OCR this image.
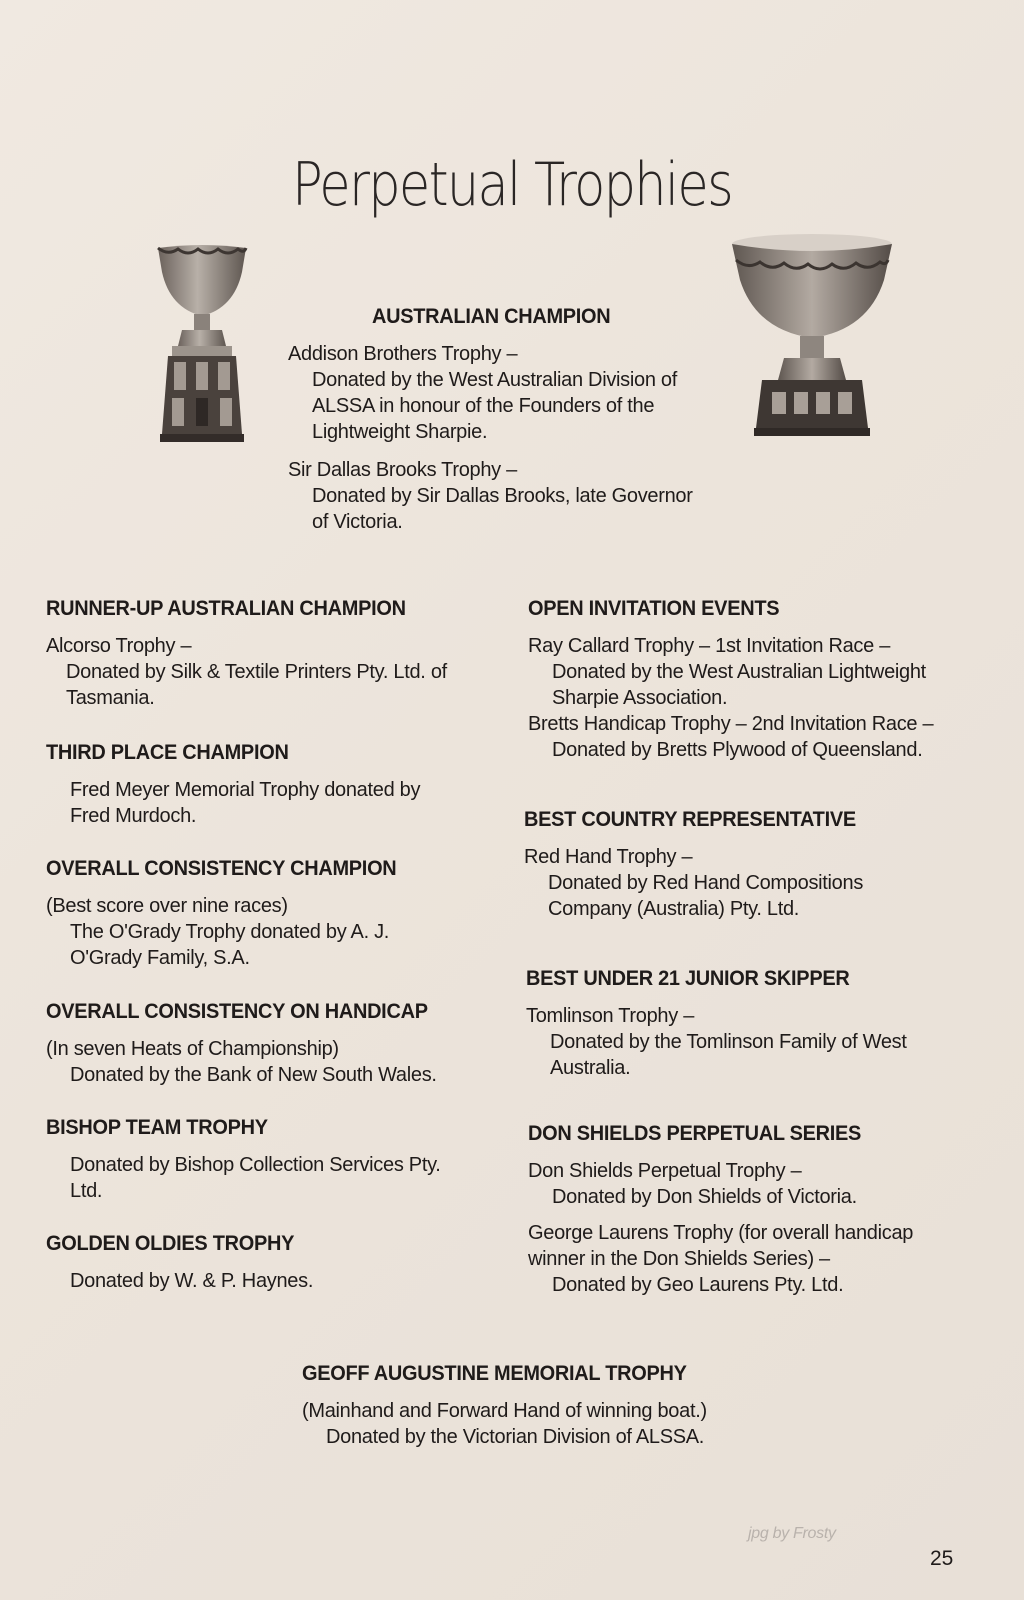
Perpetual Trophies
AUSTRALIAN CHAMPION
Addison Brothers Trophy –
Donated by the West Australian Division of
ALSSA in honour of the Founders of the
Lightweight Sharpie.
Sir Dallas Brooks Trophy –
Donated by Sir Dallas Brooks, late Governor
of Victoria.
RUNNER-UP AUSTRALIAN CHAMPION
Alcorso Trophy –
Donated by Silk & Textile Printers Pty. Ltd. of
Tasmania.
THIRD PLACE CHAMPION
Fred Meyer Memorial Trophy donated by
Fred Murdoch.
OVERALL CONSISTENCY CHAMPION
(Best score over nine races)
The O'Grady Trophy donated by A. J.
O'Grady Family, S.A.
OVERALL CONSISTENCY ON HANDICAP
(In seven Heats of Championship)
Donated by the Bank of New South Wales.
BISHOP TEAM TROPHY
Donated by Bishop Collection Services Pty.
Ltd.
GOLDEN OLDIES TROPHY
Donated by W. & P. Haynes.
OPEN INVITATION EVENTS
Ray Callard Trophy – 1st Invitation Race –
Donated by the West Australian Lightweight
Sharpie Association.
Bretts Handicap Trophy – 2nd Invitation Race –
Donated by Bretts Plywood of Queensland.
BEST COUNTRY REPRESENTATIVE
Red Hand Trophy –
Donated by Red Hand Compositions
Company (Australia) Pty. Ltd.
BEST UNDER 21 JUNIOR SKIPPER
Tomlinson Trophy –
Donated by the Tomlinson Family of West
Australia.
DON SHIELDS PERPETUAL SERIES
Don Shields Perpetual Trophy –
Donated by Don Shields of Victoria.
George Laurens Trophy (for overall handicap
winner in the Don Shields Series) –
Donated by Geo Laurens Pty. Ltd.
GEOFF AUGUSTINE MEMORIAL TROPHY
(Mainhand and Forward Hand of winning boat.)
Donated by the Victorian Division of ALSSA.
jpg by Frosty
25
